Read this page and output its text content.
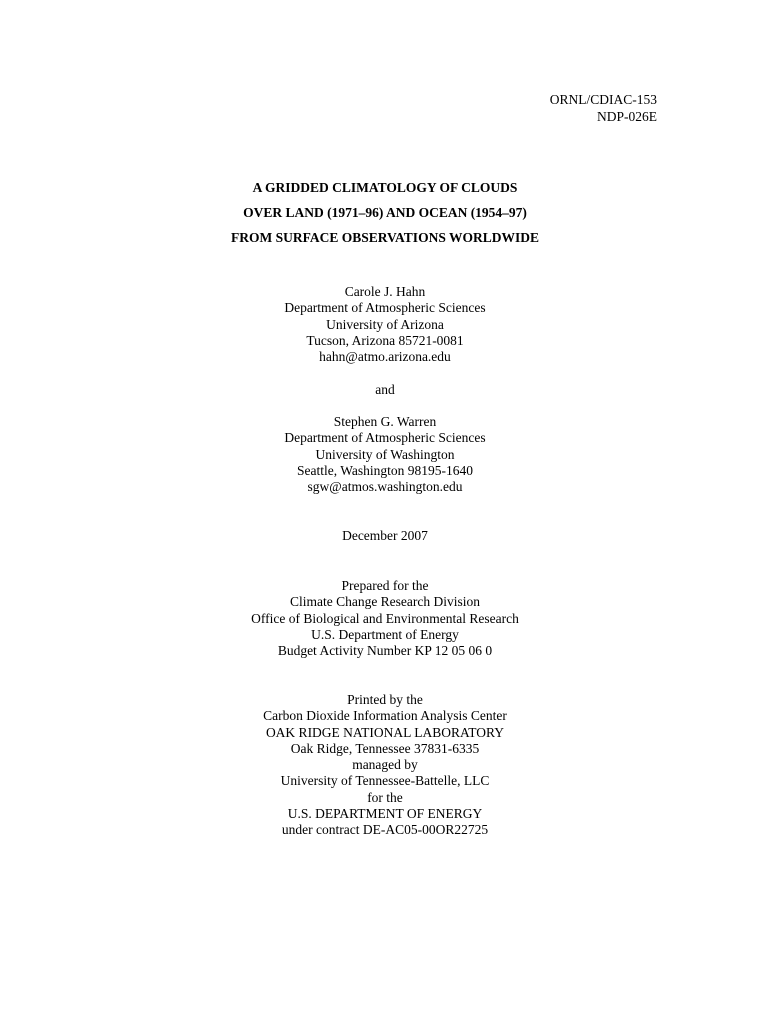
ORNL/CDIAC-153
NDP-026E
A GRIDDED CLIMATOLOGY OF CLOUDS
OVER LAND (1971–96) AND OCEAN (1954–97)
FROM SURFACE OBSERVATIONS WORLDWIDE
Carole J. Hahn
Department of Atmospheric Sciences
University of Arizona
Tucson, Arizona 85721-0081
hahn@atmo.arizona.edu
and
Stephen G. Warren
Department of Atmospheric Sciences
University of Washington
Seattle, Washington 98195-1640
sgw@atmos.washington.edu
December 2007
Prepared for the
Climate Change Research Division
Office of Biological and Environmental Research
U.S. Department of Energy
Budget Activity Number KP 12 05 06 0
Printed by the
Carbon Dioxide Information Analysis Center
OAK RIDGE NATIONAL LABORATORY
Oak Ridge, Tennessee 37831-6335
managed by
University of Tennessee-Battelle, LLC
for the
U.S. DEPARTMENT OF ENERGY
under contract DE-AC05-00OR22725
